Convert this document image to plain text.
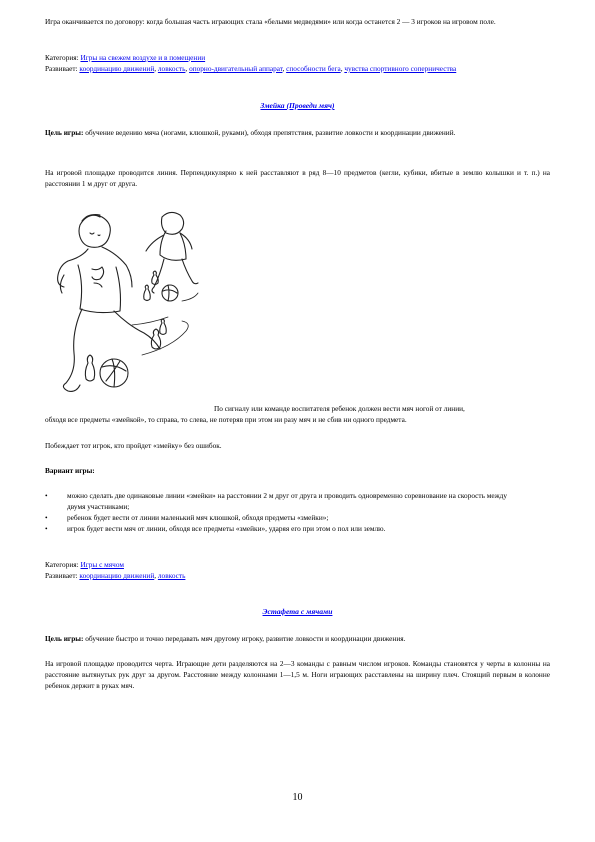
Игра оканчивается по договору: когда большая часть играющих стала «белыми медведями» или когда останется 2 — 3 игроков на игровом поле.

Категория: Игры на свежем воздухе и в помещении

Развивает: координацию движений, ловкость, опорно-двигательный аппарат, способности бега, чувства спортивного соперничества

Змейка (Проведи мяч)

Цель игры: обучение ведению мяча (ногами, клюшкой, руками), обходя препятствия, развитие ловкости и координации движений.

На игровой площадке проводится линия. Перпендикулярно к ней расставляют в ряд 8—10 предметов (кегли, кубики, вбитые в землю колышки и т. п.) на расстоянии 1 м друг от друга.

По сигналу или команде воспитателя ребенок должен вести мяч ногой от линии,

обходя все предметы «змейкой», то справа, то слева, не потеряв при этом ни разу мяч и не сбив ни одного предмета.

Побеждает тот игрок, кто пройдет «змейку» без ошибок.

Вариант игры:

•	можно сделать две одинаковые линии «змейки» на расстоянии 2 м друг от друга и проводить одновременно соревнование на скорость между двумя участниками;
•	ребенок будет вести от линии маленький мяч клюшкой, обходя предметы «змейки»;
•	игрок будет вести мяч от линии, обходя все предметы «змейки», ударяя его при этом о пол или землю.

Категория: Игры с мячом

Развивает: координацию движений, ловкость

Эстафета с мячами

Цель игры: обучение быстро и точно передавать мяч другому игроку, развитие ловкости и координации движения.

На игровой площадке проводится черта. Играющие дети разделяются на 2—3 команды с равным числом игроков. Команды становятся у черты в колонны на расстояние вытянутых рук друг за другом. Расстояние между колоннами 1—1,5 м. Ноги играющих расставлены на ширину плеч. Стоящий первым в колонне ребенок держит в руках мяч.

10
